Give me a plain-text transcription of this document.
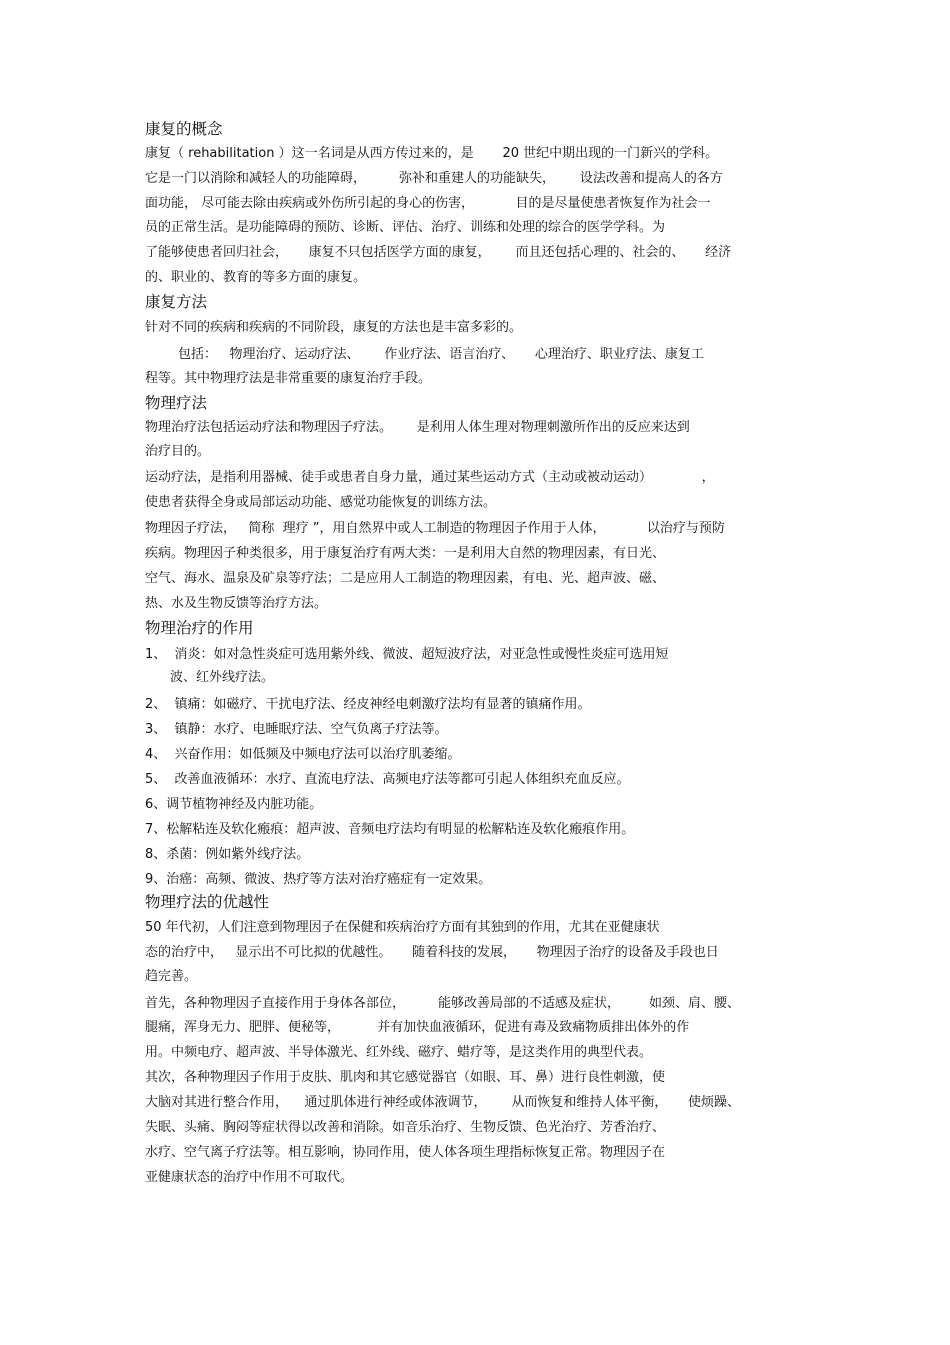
康复的概念
康复（ rehabilitation ）这一名词是从西方传过来的，是       20 世纪中期出现的一门新兴的学科。
它是一门以消除和减轻人的功能障碍，        弥补和重建人的功能缺失，      设法改善和提高人的各方
面功能， 尽可能去除由疾病或外伤所引起的身心的伤害，          目的是尽量使患者恢复作为社会一
员的正常生活。是功能障碍的预防、诊断、评估、治疗、训练和处理的综合的医学学科。为
了能够使患者回归社会，     康复不只包括医学方面的康复，      而且还包括心理的、社会的、     经济
的、职业的、教育的等多方面的康复。
康复方法
针对不同的疾病和疾病的不同阶段，康复的方法也是丰富多彩的。
包括：   物理治疗、运动疗法、      作业疗法、语言治疗、     心理治疗、职业疗法、康复工
程等。其中物理疗法是非常重要的康复治疗手段。
物理疗法
物理治疗法包括运动疗法和物理因子疗法。      是利用人体生理对物理刺激所作出的反应来达到
治疗目的。
运动疗法，是指利用器械、徒手或患者自身力量，通过某些运动方式（主动或被动运动）            ，
使患者获得全身或局部运动功能、感觉功能恢复的训练方法。
物理因子疗法，   简称  理疗 ”，用自然界中或人工制造的物理因子作用于人体，          以治疗与预防
疾病。物理因子种类很多，用于康复治疗有两大类：一是利用大自然的物理因素，有日光、
空气、海水、温泉及矿泉等疗法；二是应用人工制造的物理因素，有电、光、超声波、磁、
热、水及生物反馈等治疗方法。
物理治疗的作用
1、  消炎：如对急性炎症可选用紫外线、微波、超短波疗法，对亚急性或慢性炎症可选用短
波、红外线疗法。
2、  镇痛：如磁疗、干扰电疗法、经皮神经电刺激疗法均有显著的镇痛作用。
3、  镇静：水疗、电睡眠疗法、空气负离子疗法等。
4、  兴奋作用：如低频及中频电疗法可以治疗肌萎缩。
5、  改善血液循环：水疗、直流电疗法、高频电疗法等都可引起人体组织充血反应。
6、调节植物神经及内脏功能。
7、松解粘连及软化瘢痕：超声波、音频电疗法均有明显的松解粘连及软化瘢痕作用。
8、杀菌：例如紫外线疗法。
9、治癌：高频、微波、热疗等方法对治疗癌症有一定效果。
物理疗法的优越性
50 年代初，人们注意到物理因子在保健和疾病治疗方面有其独到的作用，尤其在亚健康状
态的治疗中，   显示出不可比拟的优越性。     随着科技的发展，     物理因子治疗的设备及手段也日
趋完善。
首先，各种物理因子直接作用于身体各部位，        能够改善局部的不适感及症状，       如颈、肩、腰、
腿痛，浑身无力、肥胖、便秘等，         并有加快血液循环，促进有毒及致痛物质排出体外的作
用。中频电疗、超声波、半导体激光、红外线、磁疗、蜡疗等，是这类作用的典型代表。
其次，各种物理因子作用于皮肤、肌肉和其它感觉器官（如眼、耳、鼻）进行良性刺激，使
大脑对其进行整合作用，    通过肌体进行神经或体液调节，      从而恢复和维持人体平衡，     使烦躁、
失眠、头痛、胸闷等症状得以改善和消除。如音乐治疗、生物反馈、色光治疗、芳香治疗、
水疗、空气离子疗法等。相互影响，协同作用，使人体各项生理指标恢复正常。物理因子在
亚健康状态的治疗中作用不可取代。
